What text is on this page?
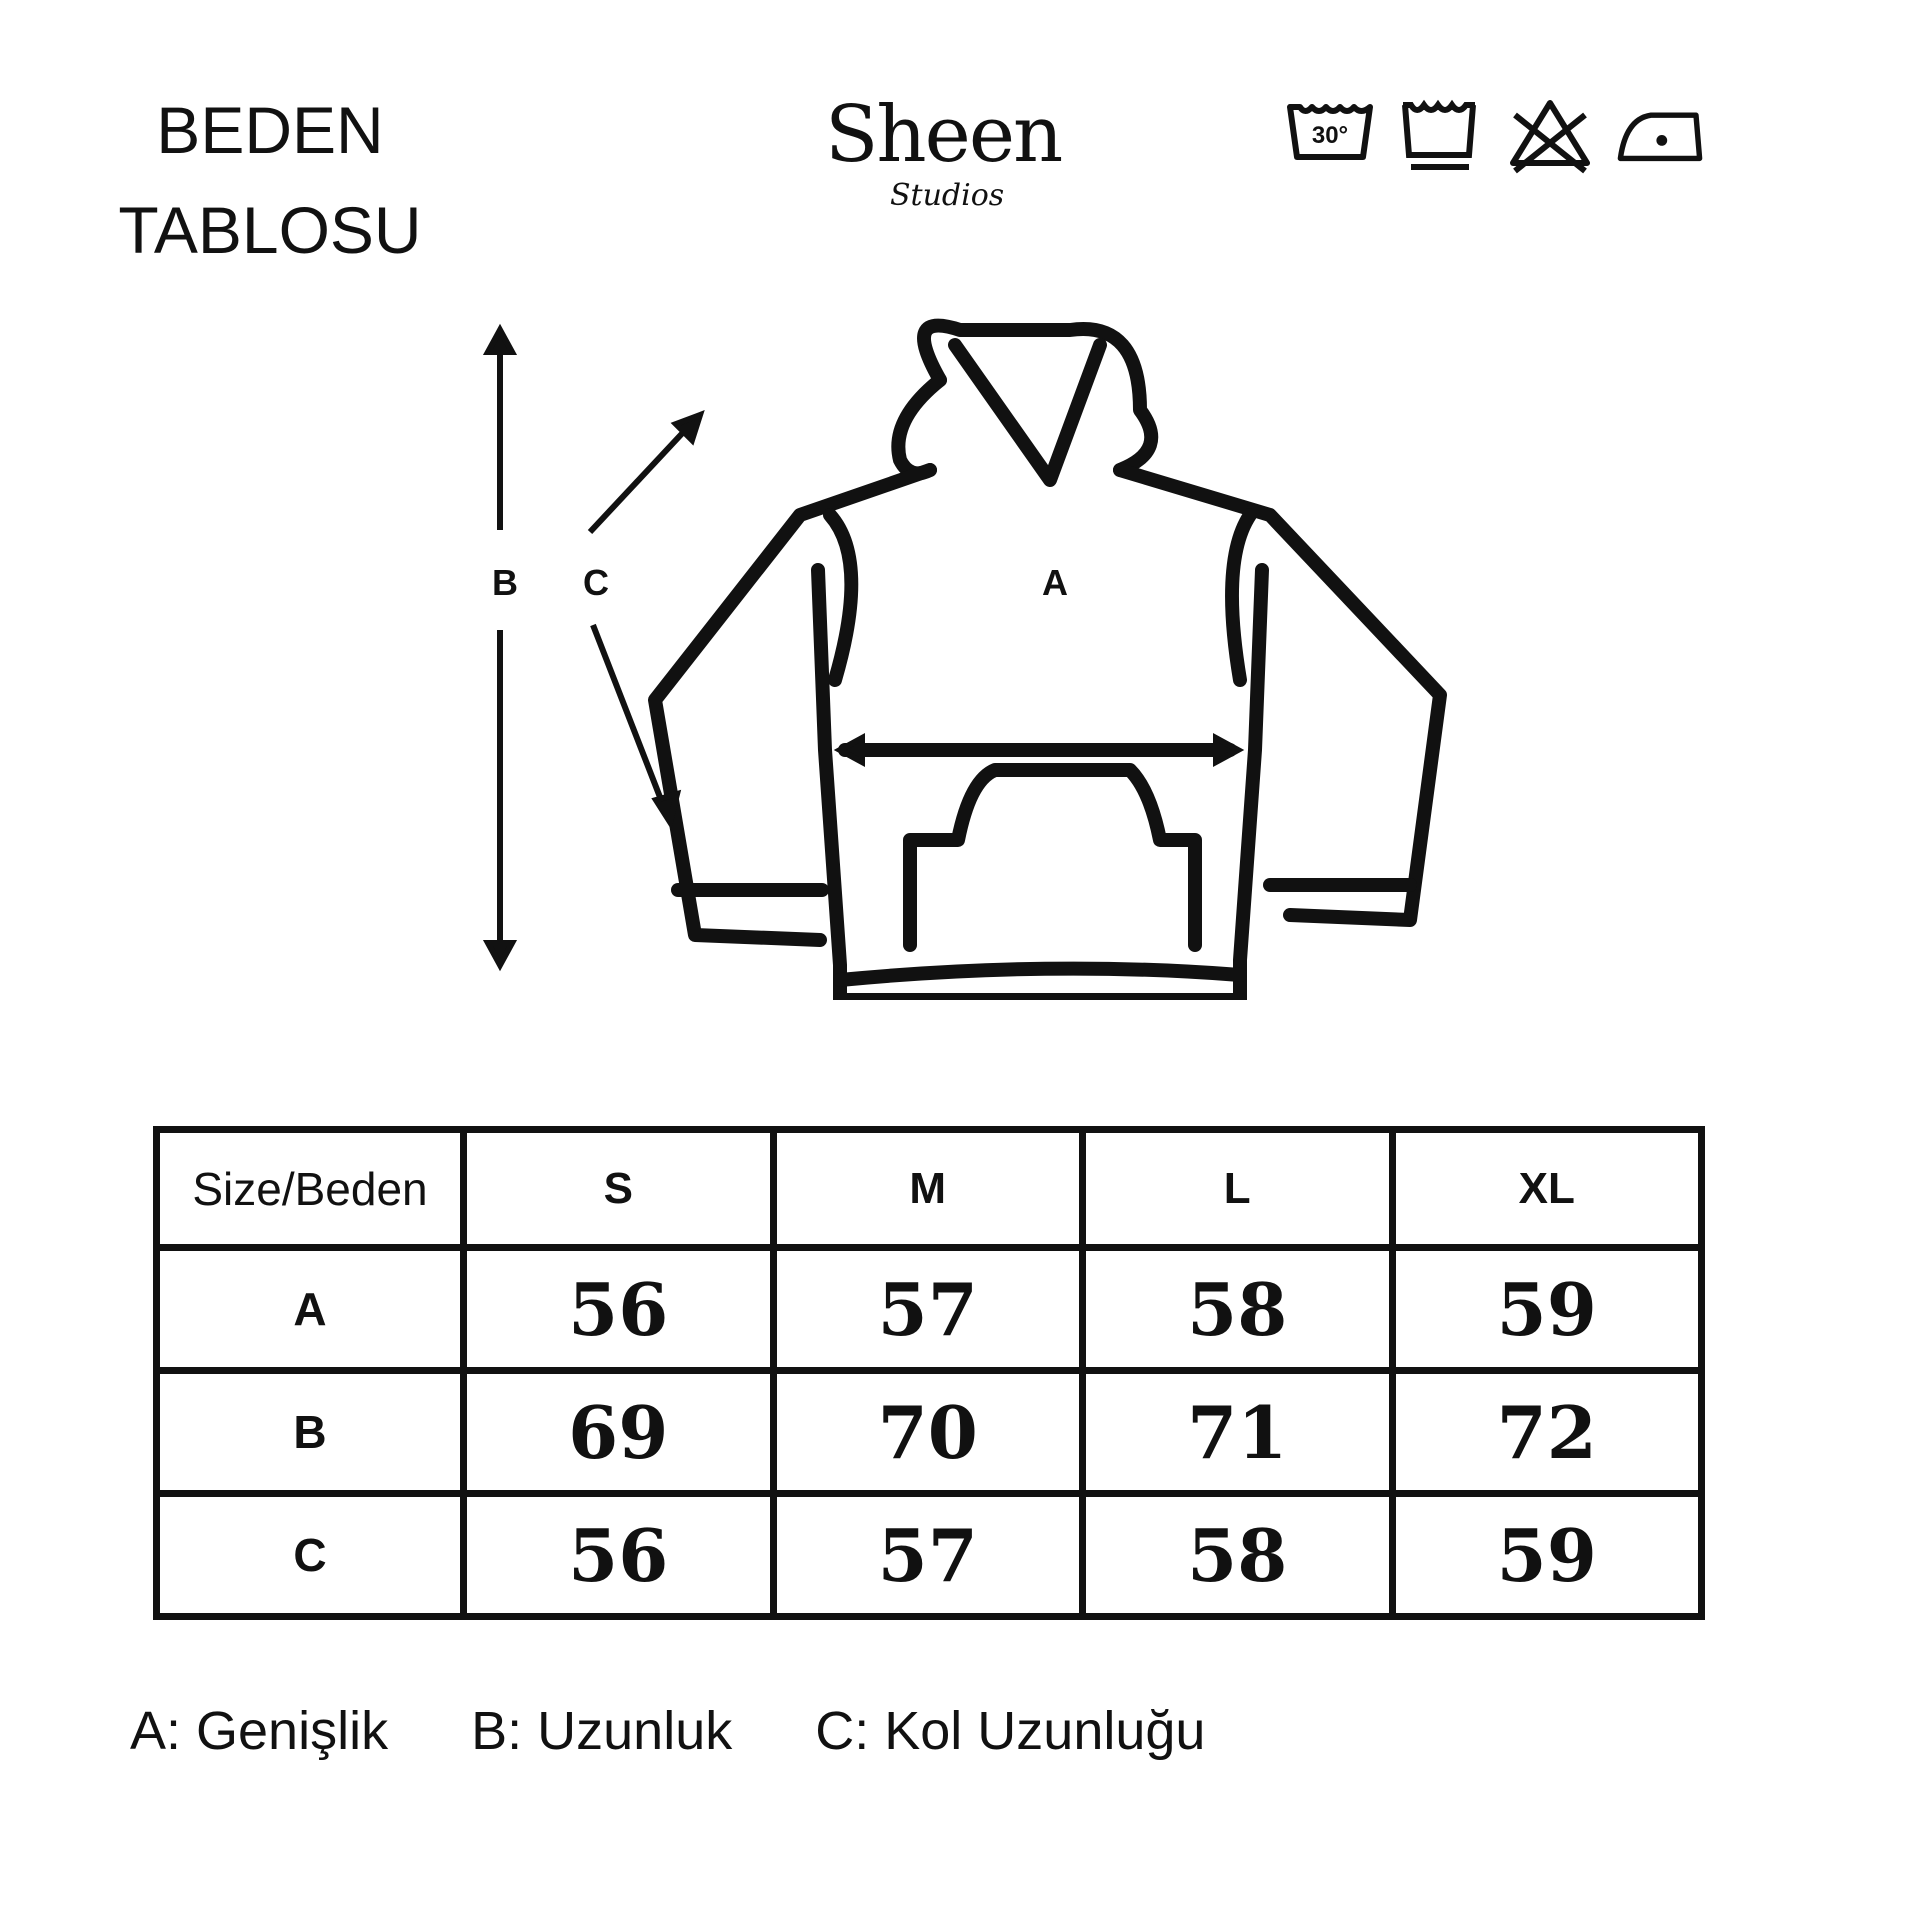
BEDEN
TABLOSU
Sheen
Studios
30°
B C	A
Size/Beden	S	M	L	XL
A	56	57	58	59
B	69	70	71	72
C	56	57	58	59
A: Genişlik B: Uzunluk C: Kol Uzunluğu
